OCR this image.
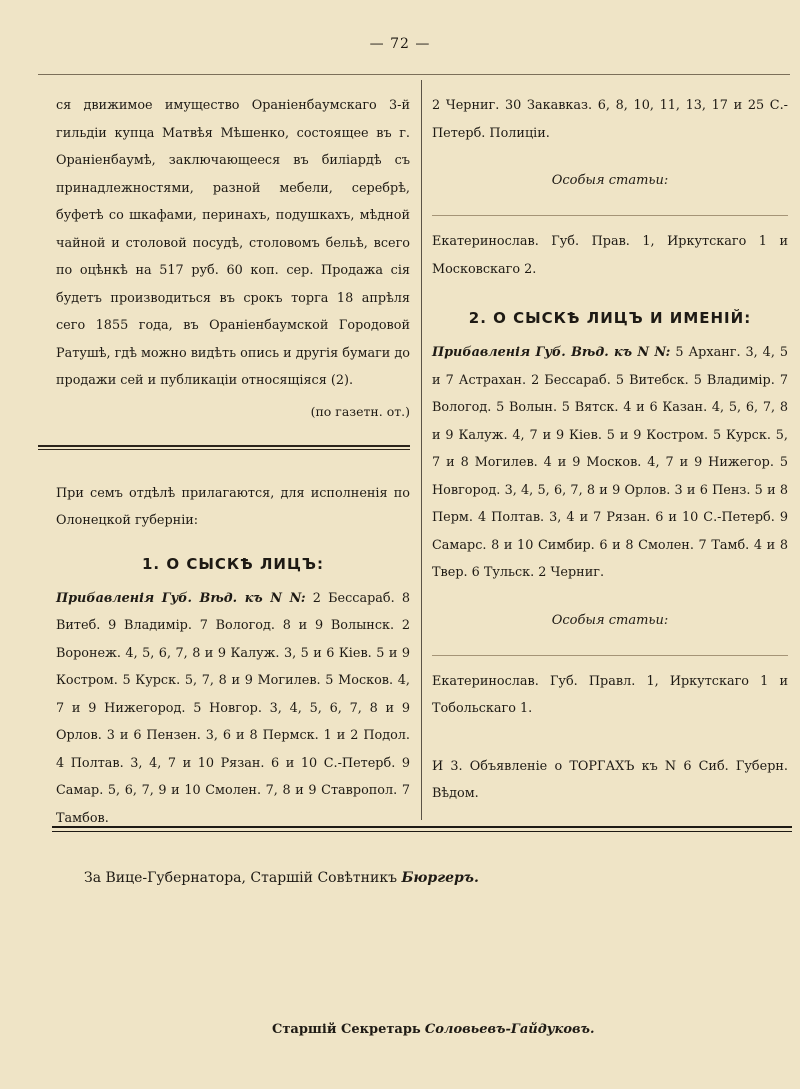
— 72 —

ся движимое имущество Ораніенбаумскаго 3-й гильдіи купца Матвѣя Мѣшенко, состоящее въ г. Ораніенбаумѣ, заключающееся въ биліардѣ съ принадлежностями, разной мебели, серебрѣ, буфетѣ со шкафами, перинахъ, подушкахъ, мѣдной чайной и столовой посудѣ, столовомъ бельѣ, всего по оцѣнкѣ на 517 руб. 60 коп. сер. Продажа сія будетъ производиться въ срокъ торга 18 апрѣля сего 1855 года, въ Ораніенбаумской Городовой Ратушѣ, гдѣ можно видѣть опись и другія бумаги до продажи сей и публикаціи относящіяся (2).

(по газетн. от.)

При семъ отдѣлѣ прилагаются, для исполненія по Олонецкой губерніи:

1. О СЫСКѢ ЛИЦЪ:

Прибавленія Губ. Вѣд. къ N N: 2 Бессараб. 8 Витеб. 9 Владимір. 7 Вологод. 8 и 9 Волынск. 2 Воронеж. 4, 5, 6, 7, 8 и 9 Калуж. 3, 5 и 6 Кіев. 5 и 9 Костром. 5 Курск. 5, 7, 8 и 9 Могилев. 5 Москов. 4, 7 и 9 Нижегород. 5 Новгор. 3, 4, 5, 6, 7, 8 и 9 Орлов. 3 и 6 Пензен. 3, 6 и 8 Пермск. 1 и 2 Подол. 4 Полтав. 3, 4, 7 и 10 Рязан. 6 и 10 С.-Петерб. 9 Самар. 5, 6, 7, 9 и 10 Смолен. 7, 8 и 9 Ставропол. 7 Тамбов.

2 Черниг. 30 Закавказ. 6, 8, 10, 11, 13, 17 и 25 С.-Петерб. Полиціи.

Особыя статьи:

Екатеринослав. Губ. Прав. 1, Иркутскаго 1 и Московскаго 2.

2. О СЫСКѢ ЛИЦЪ И ИМЕНІЙ:

Прибавленія Губ. Вѣд. къ N N: 5 Арханг. 3, 4, 5 и 7 Астрахан. 2 Бессараб. 5 Витебск. 5 Владимір. 7 Вологод. 5 Волын. 5 Вятск. 4 и 6 Казан. 4, 5, 6, 7, 8 и 9 Калуж. 4, 7 и 9 Кіев. 5 и 9 Костром. 5 Курск. 5, 7 и 8 Могилев. 4 и 9 Москов. 4, 7 и 9 Нижегор. 5 Новгород. 3, 4, 5, 6, 7, 8 и 9 Орлов. 3 и 6 Пенз. 5 и 8 Перм. 4 Полтав. 3, 4 и 7 Рязан. 6 и 10 С.-Петерб. 9 Самарс. 8 и 10 Симбир. 6 и 8 Смолен. 7 Тамб. 4 и 8 Твер. 6 Тульск. 2 Черниг.

Особыя статьи:

Екатеринослав. Губ. Правл. 1, Иркутскаго 1 и Тобольскаго 1.

И 3. Объявленіе о ТОРГАХЪ къ N 6 Сиб. Губерн. Вѣдом.

За Вице-Губернатора, Старшій Совѣтникъ Бюргеръ.
Старшій Секретарь Соловьевъ-Гайдуковъ.
